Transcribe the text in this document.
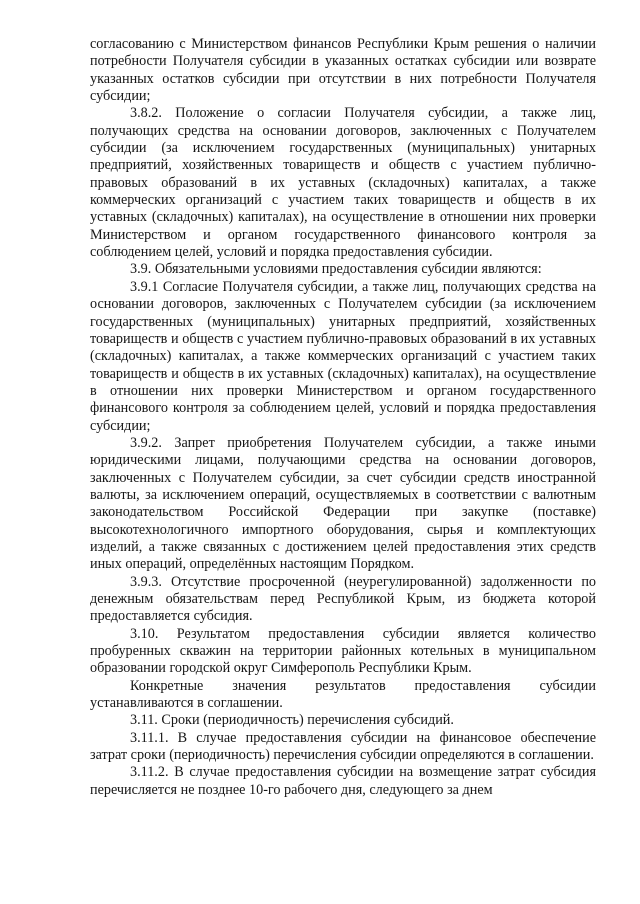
согласованию с Министерством финансов Республики Крым решения о наличии потребности Получателя субсидии в указанных остатках субсидии или возврате указанных остатков субсидии при отсутствии в них потребности Получателя субсидии;

3.8.2. Положение о согласии Получателя субсидии, а также лиц, получающих средства на основании договоров, заключенных с Получателем субсидии (за исключением государственных (муниципальных) унитарных предприятий, хозяйственных товариществ и обществ с участием публично-правовых образований в их уставных (складочных) капиталах, а также коммерческих организаций с участием таких товариществ и обществ в их уставных (складочных) капиталах), на осуществление в отношении них проверки Министерством и органом государственного финансового контроля за соблюдением целей, условий и порядка предоставления субсидии.

3.9. Обязательными условиями предоставления субсидии являются:

3.9.1 Согласие Получателя субсидии, а также лиц, получающих средства на основании договоров, заключенных с Получателем субсидии (за исключением государственных (муниципальных) унитарных предприятий, хозяйственных товариществ и обществ с участием публично-правовых образований в их уставных (складочных) капиталах, а также коммерческих организаций с участием таких товариществ и обществ в их уставных (складочных) капиталах), на осуществление в отношении них проверки Министерством и органом государственного финансового контроля за соблюдением целей, условий и порядка предоставления субсидии;

3.9.2. Запрет приобретения Получателем субсидии, а также иными юридическими лицами, получающими средства на основании договоров, заключенных с Получателем субсидии, за счет субсидии средств иностранной валюты, за исключением операций, осуществляемых в соответствии с валютным законодательством Российской Федерации при закупке (поставке) высокотехнологичного импортного оборудования, сырья и комплектующих изделий, а также связанных с достижением целей предоставления этих средств иных операций, определённых настоящим Порядком.

3.9.3. Отсутствие просроченной (неурегулированной) задолженности по денежным обязательствам перед Республикой Крым, из бюджета которой предоставляется субсидия.

3.10. Результатом предоставления субсидии является количество пробуренных скважин на территории районных котельных в муниципальном образовании городской округ Симферополь Республики Крым.

Конкретные значения результатов предоставления субсидии устанавливаются в соглашении.

3.11. Сроки (периодичность) перечисления субсидий.

3.11.1. В случае предоставления субсидии на финансовое обеспечение затрат сроки (периодичность) перечисления субсидии определяются в соглашении.

3.11.2. В случае предоставления субсидии на возмещение затрат субсидия перечисляется не позднее 10-го рабочего дня, следующего за днем
